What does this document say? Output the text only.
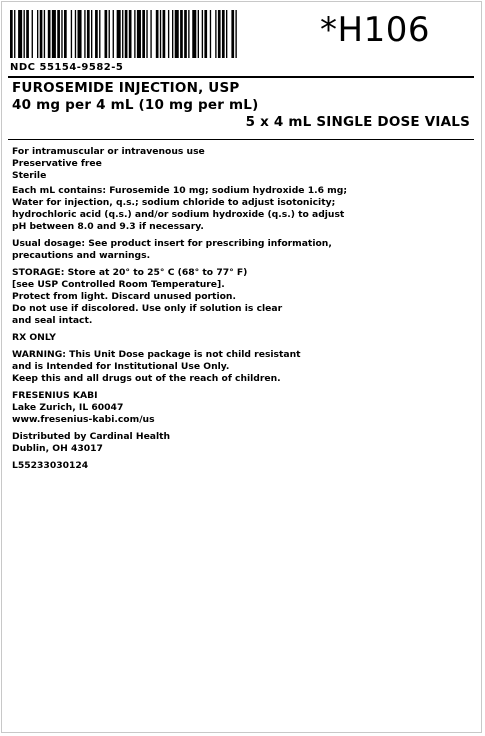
*H106
NDC 55154-9582-5
FUROSEMIDE INJECTION, USP
40 mg per 4 mL (10 mg per mL)
5 x 4 mL SINGLE DOSE VIALS

For intramuscular or intravenous use

Preservative free

Sterile

Each mL contains: Furosemide 10 mg; sodium hydroxide 1.6 mg;

Water for injection, q.s.; sodium chloride to adjust isotonicity;

hydrochloric acid (q.s.) and/or sodium hydroxide (q.s.) to adjust

pH between 8.0 and 9.3 if necessary.

Usual dosage: See product insert for prescribing information,

precautions and warnings.

STORAGE: Store at 20° to 25° C (68° to 77° F)

[see USP Controlled Room Temperature].

Protect from light. Discard unused portion.

Do not use if discolored. Use only if solution is clear

and seal intact.

RX ONLY

WARNING: This Unit Dose package is not child resistant

and is Intended for Institutional Use Only.

Keep this and all drugs out of the reach of children.

FRESENIUS KABI

Lake Zurich, IL 60047

www.fresenius-kabi.com/us

Distributed by Cardinal Health

Dublin, OH 43017

L55233030124
